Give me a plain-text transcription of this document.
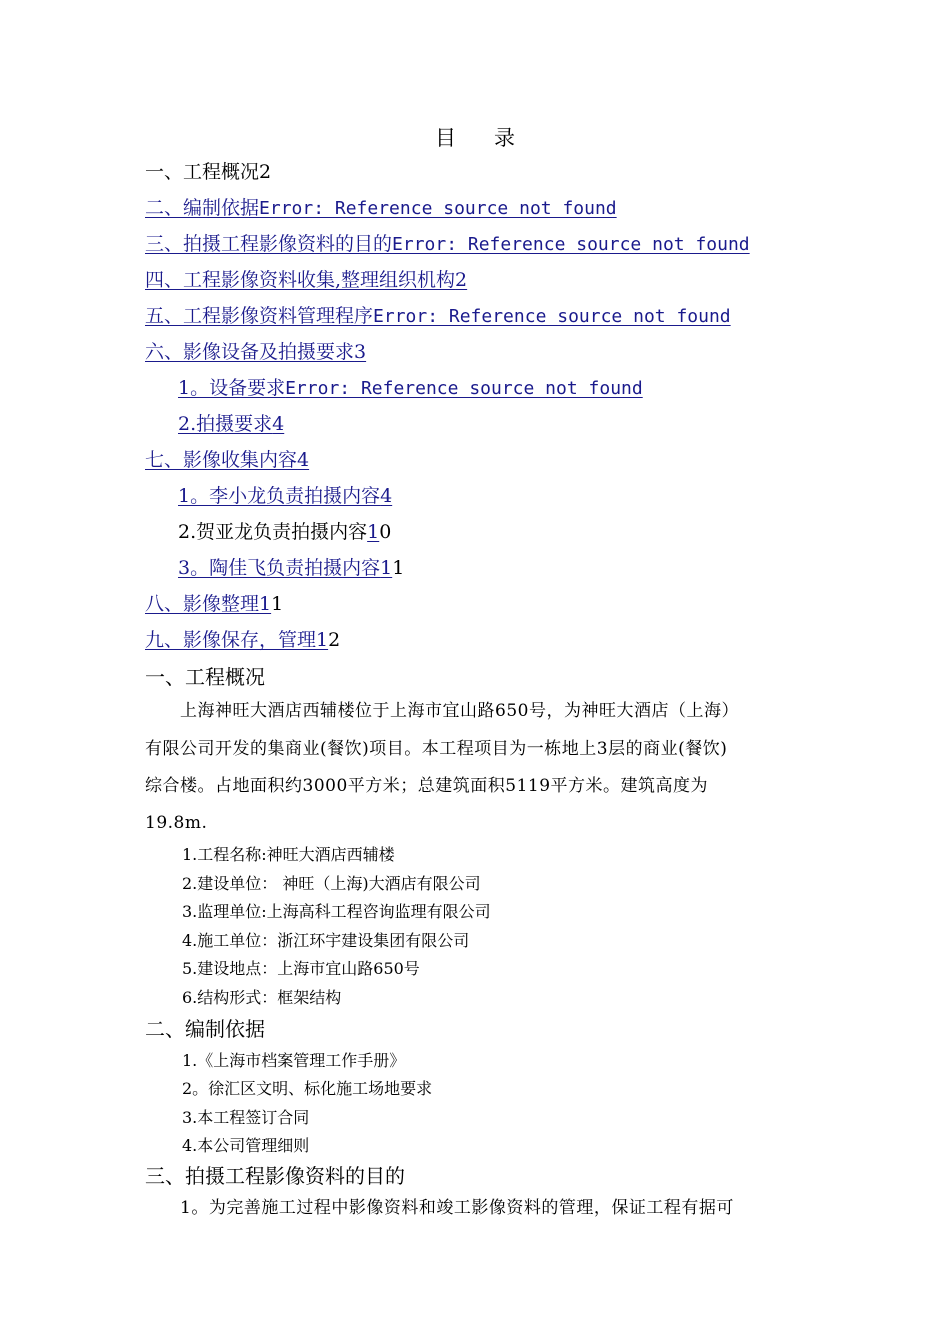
目 录
一、工程概况2
二、编制依据Error: Reference source not found
三、拍摄工程影像资料的目的Error: Reference source not found
四、工程影像资料收集,整理组织机构2
五、工程影像资料管理程序Error: Reference source not found
六、影像设备及拍摄要求3
1。设备要求Error: Reference source not found
2.拍摄要求4
七、影像收集内容4
1。李小龙负责拍摄内容4
2.贺亚龙负责拍摄内容10
3。陶佳飞负责拍摄内容11
八、影像整理11
九、影像保存，管理12
一、工程概况
上海神旺大酒店西辅楼位于上海市宜山路650号，为神旺大酒店（上海）
有限公司开发的集商业(餐饮)项目。本工程项目为一栋地上3层的商业(餐饮)
综合楼。占地面积约3000平方米；总建筑面积5119平方米。建筑高度为
19.8m.
1.工程名称:神旺大酒店西辅楼
2.建设单位： 神旺（上海)大酒店有限公司
3.监理单位:上海高科工程咨询监理有限公司
4.施工单位：浙江环宇建设集团有限公司
5.建设地点：上海市宜山路650号
6.结构形式：框架结构
二、编制依据
1.《上海市档案管理工作手册》
2。徐汇区文明、标化施工场地要求
3.本工程签订合同
4.本公司管理细则
三、拍摄工程影像资料的目的
1。为完善施工过程中影像资料和竣工影像资料的管理，保证工程有据可
